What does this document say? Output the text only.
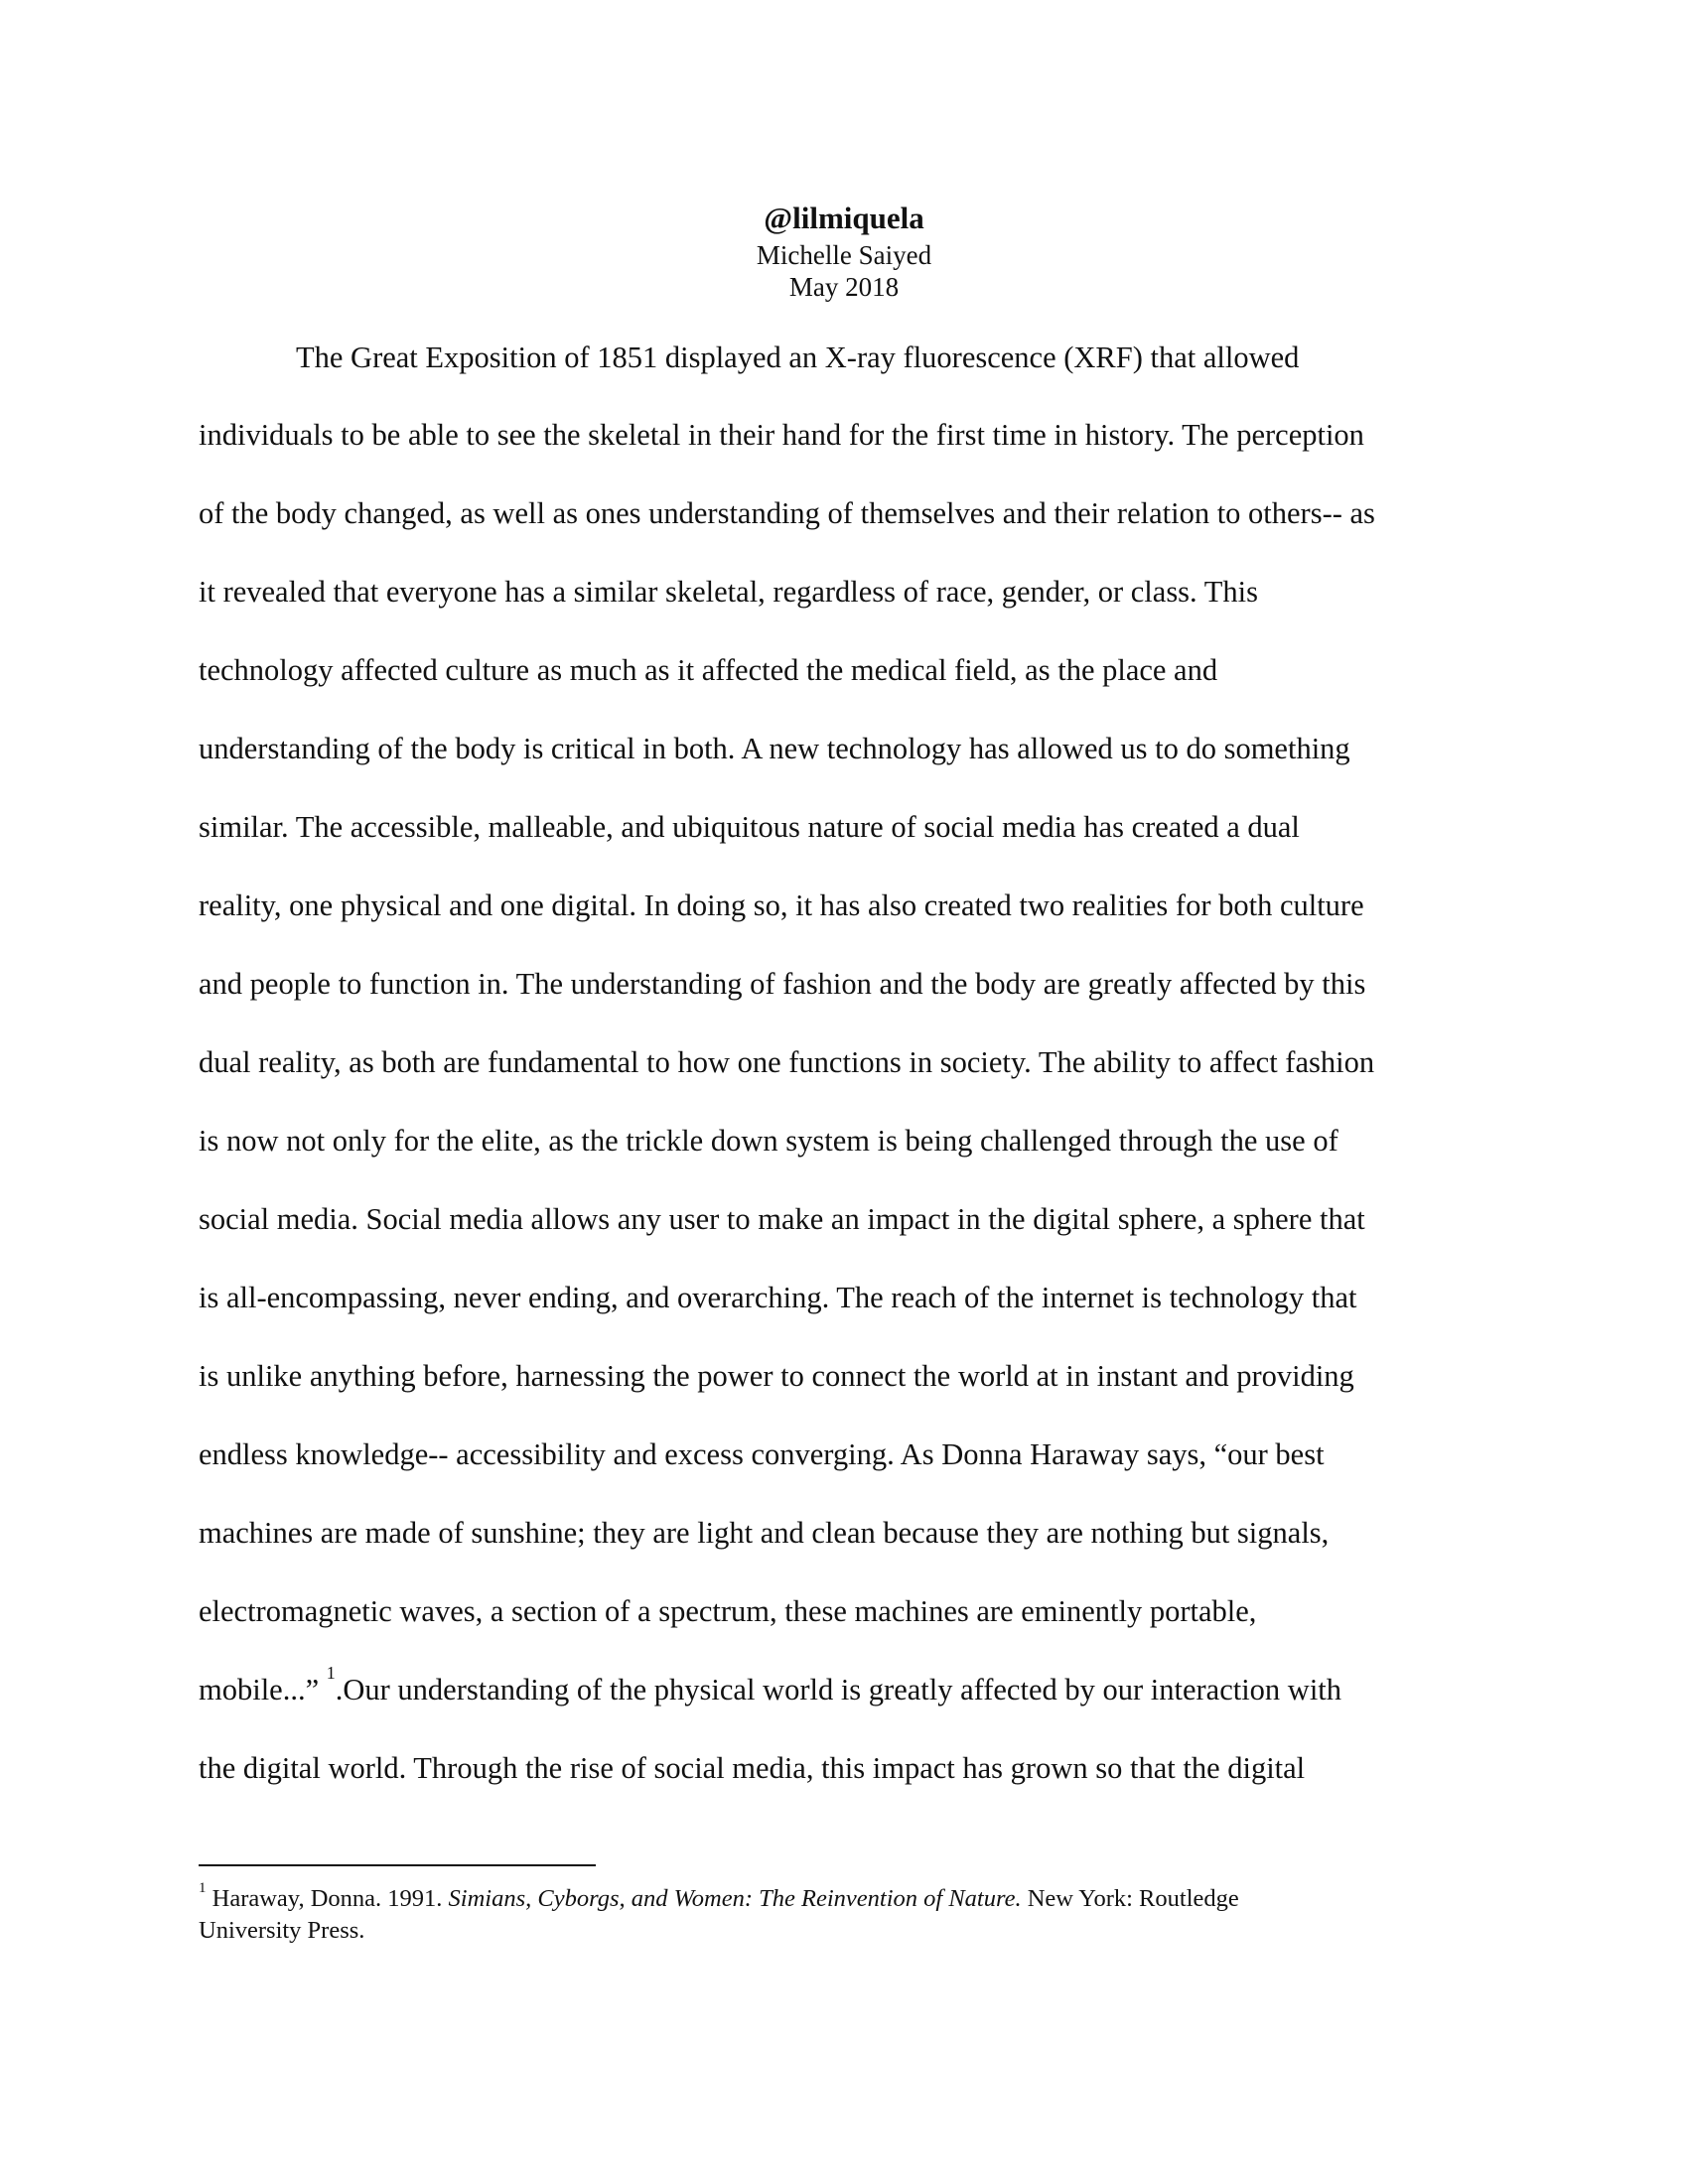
@lilmiquela
Michelle Saiyed
May 2018
The Great Exposition of 1851 displayed an X-ray fluorescence (XRF) that allowed
individuals to be able to see the skeletal in their hand for the first time in history. The perception
of the body changed, as well as ones understanding of themselves and their relation to others-- as
it revealed that everyone has a similar skeletal, regardless of race, gender, or class. This
technology affected culture as much as it affected the medical field, as the place and
understanding of the body is critical in both. A new technology has allowed us to do something
similar. The accessible, malleable, and ubiquitous nature of social media has created a dual
reality, one physical and one digital. In doing so, it has also created two realities for both culture
and people to function in. The understanding of fashion and the body are greatly affected by this
dual reality, as both are fundamental to how one functions in society. The ability to affect fashion
is now not only for the elite, as the trickle down system is being challenged through the use of
social media. Social media allows any user to make an impact in the digital sphere, a sphere that
is all-encompassing, never ending, and overarching. The reach of the internet is technology that
is unlike anything before, harnessing the power to connect the world at in instant and providing
endless knowledge-- accessibility and excess converging. As Donna Haraway says, “our best
machines are made of sunshine; they are light and clean because they are nothing but signals,
electromagnetic waves, a section of a spectrum, these machines are eminently portable,
mobile...” $^1$.Our understanding of the physical world is greatly affected by our interaction with
the digital world. Through the rise of social media, this impact has grown so that the digital
$^1$ Haraway, Donna. 1991. Simians, Cyborgs, and Women: The Reinvention of Nature. New York: Routledge
University Press.
